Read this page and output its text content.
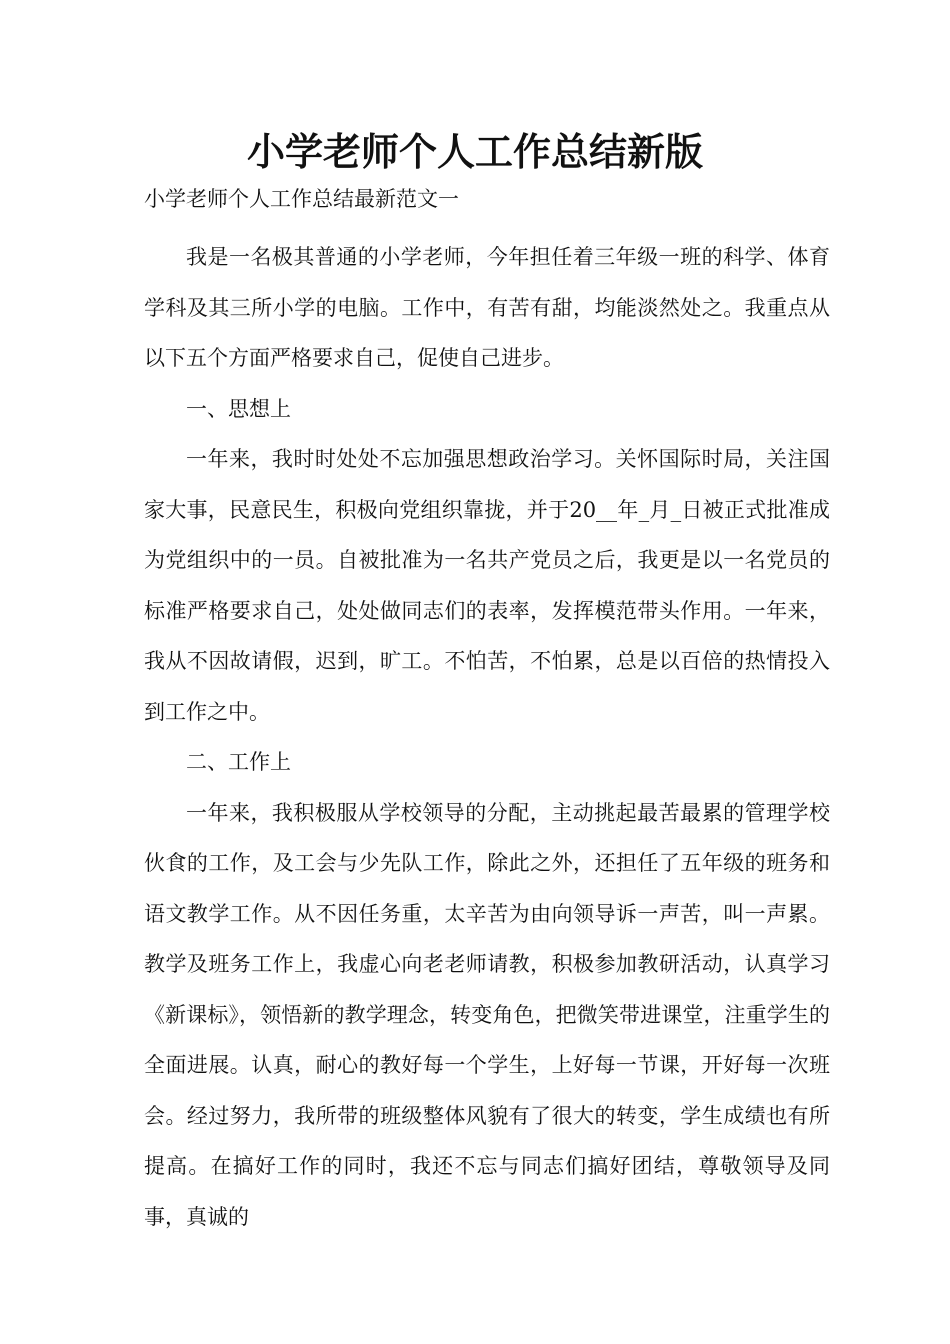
小学老师个人工作总结新版

小学老师个人工作总结最新范文一

我是一名极其普通的小学老师，今年担任着三年级一班的科学、体育学科及其三所小学的电脑。工作中，有苦有甜，均能淡然处之。我重点从以下五个方面严格要求自己，促使自己进步。

一、思想上

一年来，我时时处处不忘加强思想政治学习。关怀国际时局，关注国家大事，民意民生，积极向党组织靠拢，并于20__年_月_日被正式批准成为党组织中的一员。自被批准为一名共产党员之后，我更是以一名党员的标准严格要求自己，处处做同志们的表率，发挥模范带头作用。一年来，我从不因故请假，迟到，旷工。不怕苦，不怕累，总是以百倍的热情投入到工作之中。

二、工作上

一年来，我积极服从学校领导的分配，主动挑起最苦最累的管理学校伙食的工作，及工会与少先队工作，除此之外，还担任了五年级的班务和语文教学工作。从不因任务重，太辛苦为由向领导诉一声苦，叫一声累。教学及班务工作上，我虚心向老老师请教，积极参加教研活动，认真学习《新课标》，领悟新的教学理念，转变角色，把微笑带进课堂，注重学生的全面进展。认真，耐心的教好每一个学生，上好每一节课，开好每一次班会。经过努力，我所带的班级整体风貌有了很大的转变，学生成绩也有所提高。在搞好工作的同时，我还不忘与同志们搞好团结，尊敬领导及同事，真诚的
